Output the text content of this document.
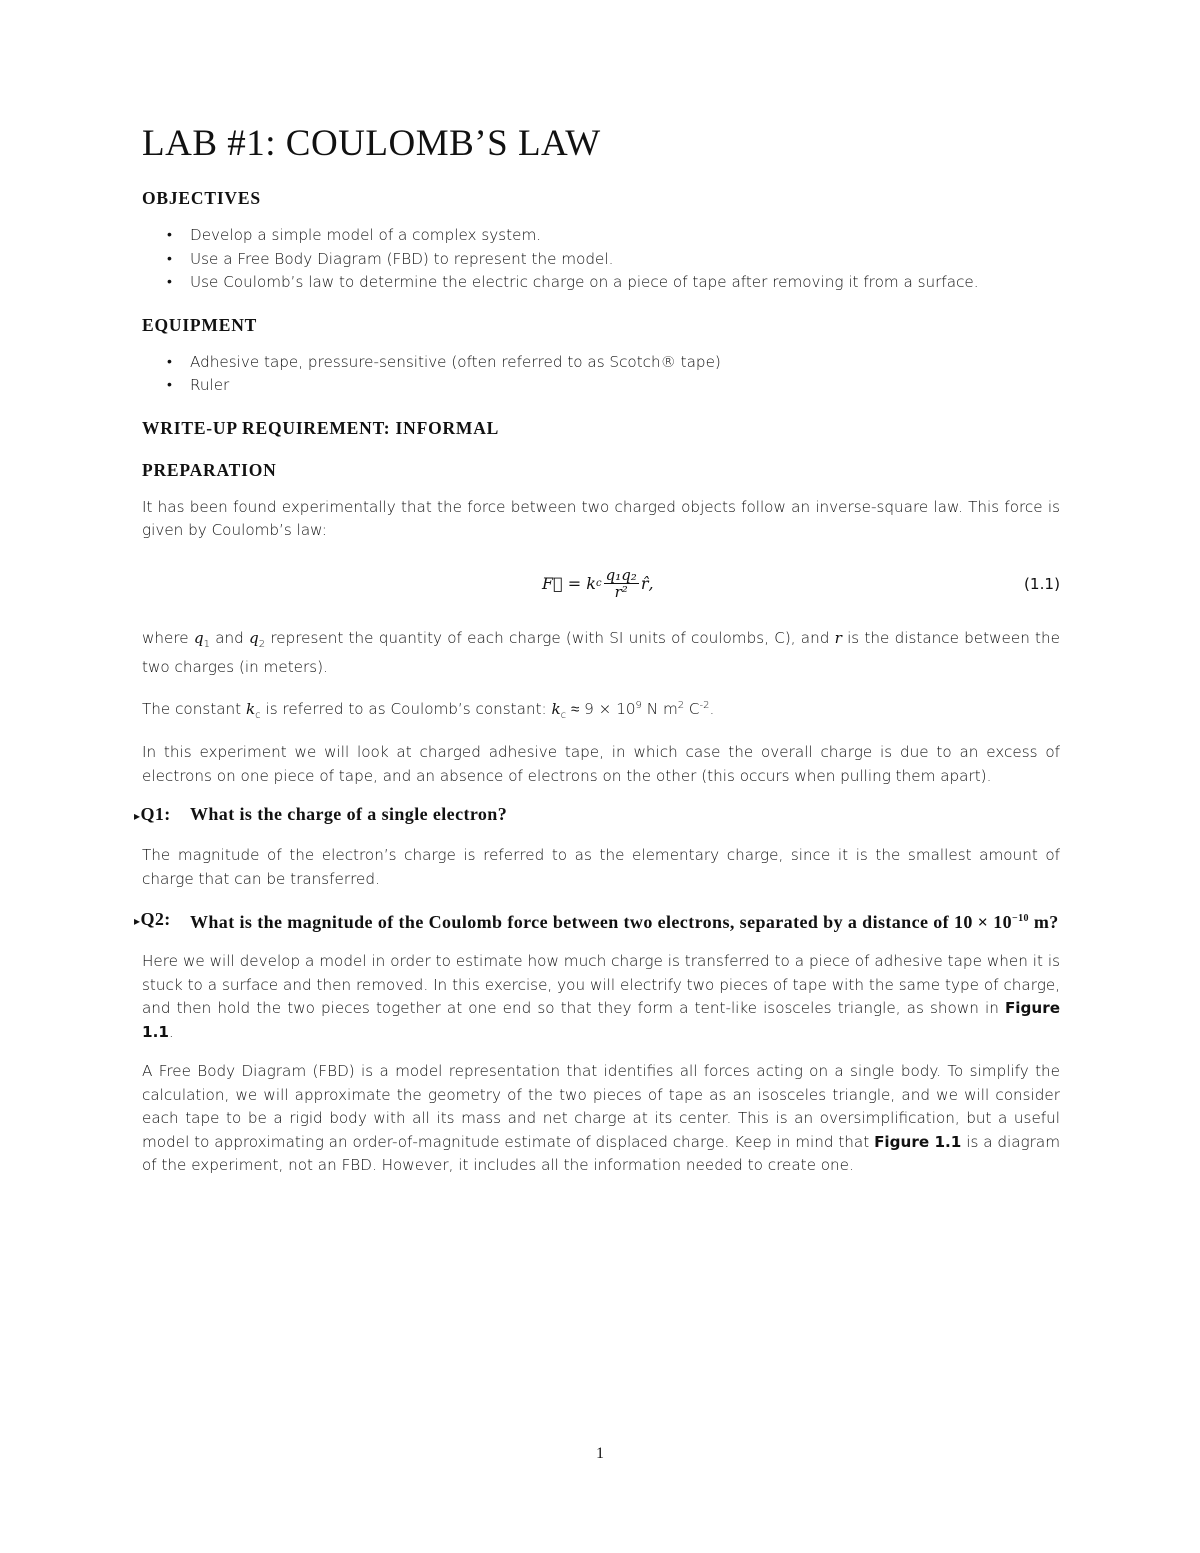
LAB #1: COULOMB’S LAW
OBJECTIVES
• Develop a simple model of a complex system.
• Use a Free Body Diagram (FBD) to represent the model.
• Use Coulomb’s law to determine the electric charge on a piece of tape after removing it from a surface.
EQUIPMENT
• Adhesive tape, pressure-sensitive (often referred to as Scotch® tape)
• Ruler
WRITE-UP REQUIREMENT: INFORMAL
PREPARATION

It has been found experimentally that the force between two charged objects follow an inverse-square law. This force is given by Coulomb’s law:

F⃗ = k c $\frac{\text{q₁q₂}}{\text{r²}}$ r̂,	(1.1)

where $q_1$ and $q_2$ represent the quantity of each charge (with SI units of coulombs, C), and r is the distance between the two charges (in meters).

The constant $k_c$ is referred to as Coulomb’s constant: $k_c \approx 9 \times 10^9$ N $m^2$ $C^{-2}$.

In this experiment we will look at charged adhesive tape, in which case the overall charge is due to an excess of electrons on one piece of tape, and an absence of electrons on the other (this occurs when pulling them apart).

▸Q1:	What is the charge of a single electron?

The magnitude of the electron’s charge is referred to as the elementary charge, since it is the smallest amount of charge that can be transferred.

▸Q2:	What is the magnitude of the Coulomb force between two electrons, separated by a distance of $10 \times 10^{-10}$ m?

Here we will develop a model in order to estimate how much charge is transferred to a piece of adhesive tape when it is stuck to a surface and then removed. In this exercise, you will electrify two pieces of tape with the same type of charge, and then hold the two pieces together at one end so that they form a tent-like isosceles triangle, as shown in Figure 1.1.

A Free Body Diagram (FBD) is a model representation that identifies all forces acting on a single body. To simplify the calculation, we will approximate the geometry of the two pieces of tape as an isosceles triangle, and we will consider each tape to be a rigid body with all its mass and net charge at its center. This is an oversimplification, but a useful model to approximating an order-of-magnitude estimate of displaced charge. Keep in mind that Figure 1.1 is a diagram of the experiment, not an FBD. However, it includes all the information needed to create one.

1
